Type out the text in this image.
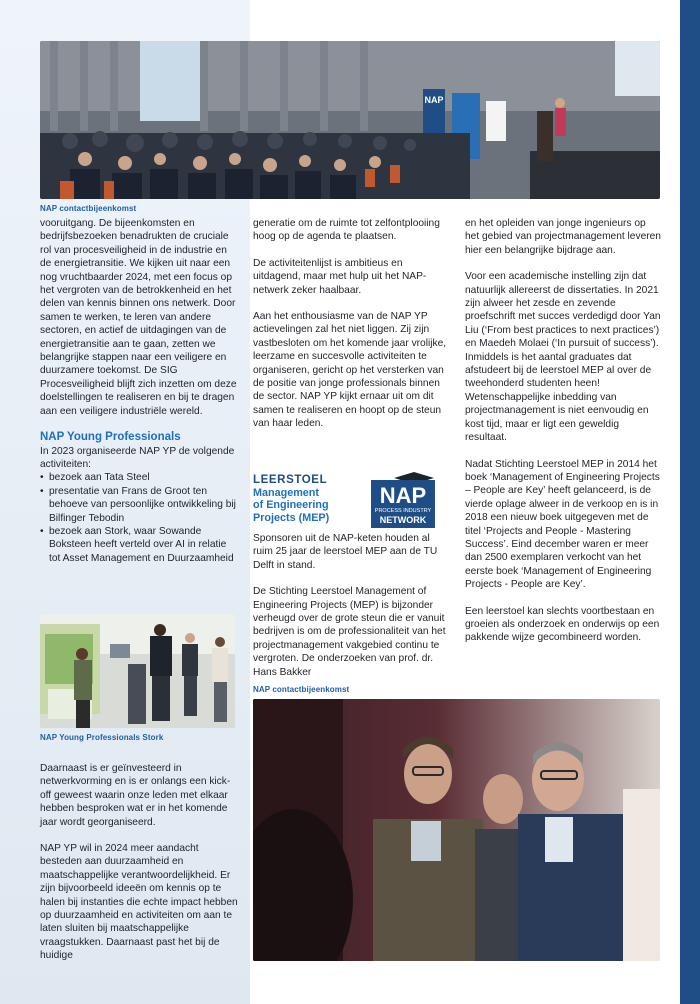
NAP
NAP contactbijeenkomst

vooruitgang. De bijeenkomsten en bedrijfsbezoeken benadrukten de cruciale rol van procesveiligheid in de industrie en de energietransitie. We kijken uit naar een nog vruchtbaarder 2024, met een focus op het vergroten van de betrokkenheid en het delen van kennis binnen ons netwerk. Door samen te werken, te leren van andere sectoren, en actief de uitdagingen van de energietransitie aan te gaan, zetten we belangrijke stappen naar een veiligere en duurzamere toekomst. De SIG Procesveiligheid blijft zich inzetten om deze doelstellingen te realiseren en bij te dragen aan een veiligere industriële wereld.

NAP Young Professionals
In 2023 organiseerde NAP YP de volgende activiteiten:
• bezoek aan Tata Steel
• presentatie van Frans de Groot ten behoeve van persoonlijke ontwikkeling bij Bilfinger Tebodin
• bezoek aan Stork, waar Sowande Boksteen heeft verteld over AI in relatie tot Asset Management en Duurzaamheid
NAP Young Professionals Stork

Daarnaast is er geïnvesteerd in netwerkvorming en is er onlangs een kick-off geweest waarin onze leden met elkaar hebben besproken wat er in het komende jaar wordt georganiseerd.

NAP YP wil in 2024 meer aandacht besteden aan duurzaamheid en maatschappelijke verantwoordelijkheid. Er zijn bijvoorbeeld ideeën om kennis op te halen bij instanties die echte impact hebben op duurzaamheid en activiteiten om aan te laten sluiten bij maatschappelijke vraagstukken. Daarnaast past het bij de huidige

generatie om de ruimte tot zelfontplooiing hoog op de agenda te plaatsen.

De activiteitenlijst is ambitieus en uitdagend, maar met hulp uit het NAP-netwerk zeker haalbaar.

Aan het enthousiasme van de NAP YP actievelingen zal het niet liggen. Zij zijn vastbesloten om het komende jaar vrolijke, leerzame en succesvolle activiteiten te organiseren, gericht op het versterken van de positie van jonge professionals binnen de sector. NAP YP kijkt ernaar uit om dit samen te realiseren en hoopt op de steun van haar leden.

LEERSTOEL
Management
of Engineering
Projects (MEP)
NAP
PROCESS INDUSTRY
NETWORK

Sponsoren uit de NAP-keten houden al ruim 25 jaar de leerstoel MEP aan de TU Delft in stand.

De Stichting Leerstoel Management of Engineering Projects (MEP) is bijzonder verheugd over de grote steun die er vanuit bedrijven is om de professionaliteit van het projectmanagement vakgebied continu te vergroten. De onderzoeken van prof. dr. Hans Bakker

NAP contactbijeenkomst

en het opleiden van jonge ingenieurs op het gebied van projectmanagement leveren hier een belangrijke bijdrage aan.

Voor een academische instelling zijn dat natuurlijk allereerst de dissertaties. In 2021 zijn alweer het zesde en zevende proefschrift met succes verdedigd door Yan Liu (‘From best practices to next practices’) en Maedeh Molaei (‘In pursuit of success’). Inmiddels is het aantal graduates dat afstudeert bij de leerstoel MEP al over de tweehonderd studenten heen! Wetenschappelijke inbedding van projectmanagement is niet eenvoudig en kost tijd, maar er ligt een geweldig resultaat.

Nadat Stichting Leerstoel MEP in 2014 het boek ‘Management of Engineering Projects – People are Key’ heeft gelanceerd, is de vierde oplage alweer in de verkoop en is in 2018 een nieuw boek uitgegeven met de titel ‘Projects and People - Mastering Success’. Eind december waren er meer dan 2500 exemplaren verkocht van het eerste boek ‘Management of Engineering Projects - People are Key’.

Een leerstoel kan slechts voortbestaan en groeien als onderzoek en onderwijs op een pakkende wijze gecombineerd worden.
